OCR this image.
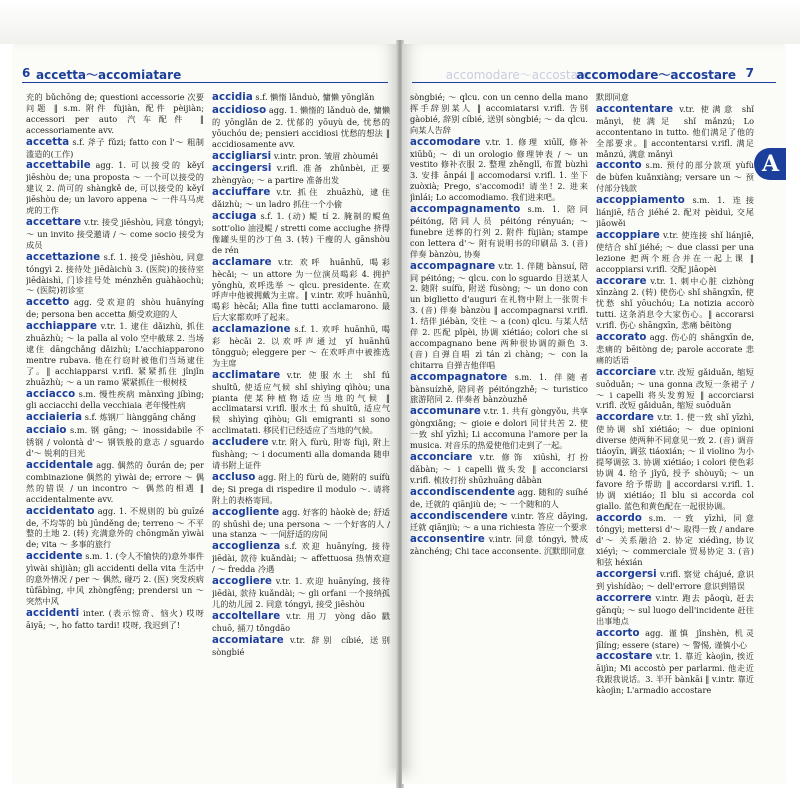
6 accetta～accomiatare
充的 bǔchōng de; questioni accessorie 次要问题 ‖ s.m. 附件 fùjiàn, 配件 pèijiàn; accessori per auto 汽车配件 ‖ accessoriamente avv.
accetta s.f. 斧子 fǔzi; fatto con l'～ 粗制滥造的(工作)
accettabile agg. 1. 可以接受的 kěyǐ jiēshòu de; una proposta ～ 一个可以接受的建议 2. 尚可的 shàngkě de, 可以接受的 kěyǐ jiēshòu de; un lavoro appena ～ 一件马马虎虎的工作
accettare v.tr. 接受 jiēshòu, 同意 tóngyì; ～ un invito 接受邀请 / ～ come socio 接受为成员
accettazione s.f. 1. 接受 jiēshòu, 同意 tóngyì 2. 接待处 jiēdàichù 3. (医院)的接待室 jiēdàishì, 门诊挂号处 ménzhěn guàhàochù; ～ (医院)初诊室
accetto agg. 受欢迎的 shòu huānyíng de; persona ben accetta 颇受欢迎的人
acchiappare v.tr. 1. 逮住 dǎizhù, 抓住 zhuāzhù; ～ la palla al volo 空中截球 2. 当场逮住 dāngchǎng dǎizhù; L'acchiapparono mentre rubava. 他在行窃时被他们当场逮住了。‖ acchiapparsi v.rifl. 紧紧抓住 jǐnjǐn zhuāzhù; ～ a un ramo 紧紧抓住一根树枝
acciacco s.m. 慢性疾病 mànxìng jíbìng; gli acciacchi della vecchiaia 老年慢性病
acciaieria s.f. 炼钢厂 liànggāng chǎng
acciaio s.m. 钢 gāng; ～ inossidabile 不锈钢 / volontà d'～ 钢铁般的意志 / sguardo d'～ 锐利的目光
accidentale agg. 偶然的 ǒurán de; per combinazione 偶然的 yìwài de; errore ～ 偶然的错误 / un incontro ～ 偶然的相遇 ‖ accidentalmente avv.
accidentato agg. 1. 不规则的 bù guīzé de, 不均等的 bù jūnděng de; terreno ～ 不平整的土地 2. (转) 充满意外的 chōngmǎn yìwài de; vita ～ 多事的旅行
accidente s.m. 1. (令人不愉快的)意外事件 yìwài shìjiàn; gli accidenti della vita 生活中的意外情况 / per ～ 偶然, 碰巧 2. (医) 突发疾病 tūfābìng, 中风 zhòngfēng; prendersi un ～ 突然中风
accidenti inter. (表示惊奇、恼火) 哎呀 āiyā; ～, ho fatto tardi! 哎呀, 我迟到了!
accidia s.f. 懒惰 lǎnduò, 慵懒 yōnglǎn
accidioso agg. 1. 懒惰的 lǎnduò de, 慵懒的 yōnglǎn de 2. 忧郁的 yōuyù de, 忧愁的 yōuchóu de; pensieri accidiosi 忧愁的想法 ‖ accidiosamente avv.
accigliarsi v.intr. pron. 皱眉 zhòuméi
accingersi v.rifl. 准备 zhǔnbèi, 正要 zhèngyào; ～ a partire 准备出发
acciuffare v.tr. 抓住 zhuāzhù, 逮住 dǎizhù; ～ un ladro 抓住一个小偷
acciuga s.f. 1. (动) 鳀 tí 2. 腌制的鳀鱼 sott'olio 油浸鳀 / stretti come acciughe 挤得像罐头里的沙丁鱼 3. (转) 干瘦的人 gānshòu de rén
acclamare v.tr. 欢呼 huānhū, 喝彩 hècǎi; ～ un attore 为一位演员喝彩 4. 拥护 yōnghù, 欢呼选举 ～ qlcu. presidente. 在欢呼声中他被拥戴为主席。‖ v.intr. 欢呼 huānhū, 喝彩 hècǎi; Alla fine tutti acclamarono. 最后大家都欢呼了起来。
acclamazione s.f. 1. 欢呼 huānhū, 喝彩 hècǎi 2. 以欢呼声通过 yǐ huānhū tōngguò; eleggere per ～ 在欢呼声中被推选为主席
acclimatare v.tr. 使服水土 shǐ fú shuǐtǔ, 使适应气候 shǐ shìyìng qìhòu; una pianta 使某种植物适应当地的气候 ‖ acclimatarsi v.rifl. 服水土 fú shuǐtǔ, 适应气候 shìyìng qìhòu; Gli emigranti si sono acclimatati. 移民们已经适应了当地的气候。
accludere v.tr. 附入 fùrù, 附寄 fùjì, 附上 fùshàng; ～ i documenti alla domanda 随申请书附上证件
accluso agg. 附上的 fùrù de, 随附的 suífù de; Si prega di rispedire il modulo ～. 请将附上的表格寄回。
accogliente agg. 好客的 hàokè de; 舒适的 shūshì de; una persona ～ 一个好客的人 / una stanza ～ 一间舒适的房间
accoglienza s.f. 欢迎 huānyíng, 接待 jiēdài, 款待 kuǎndài; ～ affettuosa 热情欢迎 / ～ fredda 冷遇
accogliere v.tr. 1. 欢迎 huānyíng, 接待 jiēdài, 款待 kuǎndài; ～ gli orfani 一个接纳孤儿的幼儿园 2. 同意 tóngyì, 接受 jiēshòu
accoltellare v.tr. 用刀 yòng dāo 戳 chuō, 捅刀 tǒngdāo
accomiatare v.tr. 辞别 cíbié, 送别 sòngbié
accomodare～accostare
accomodare～accostare 7
sòngbié; ～ qlcu. con un cenno della mano 挥手辞别某人 ‖ accomiatarsi v.rifl. 告别 gàobié, 辞别 cíbié, 送别 sòngbié; ～ da qlcu. 向某人告辞
accomodare v.tr. 1. 修理 xiūlǐ, 修补 xiūbǔ; ～ di un orologio 修理钟表 / ～ un vestito 修补衣服 2. 整理 zhěnglǐ, 布置 bùzhì 3. 安排 ānpái ‖ accomodarsi v.rifl. 1. 坐下 zuòxià; Prego, s'accomodi! 请坐! 2. 进来 jìnlái; Lo accomodiamo. 我们进来吧。
accompagnamento s.m. 1. 陪同 péitóng, 陪同人员 péitóng rényuán; ～ funebre 送葬的行列 2. 附件 fùjiàn; stampe con lettera d'～ 附有说明书的印刷品 3. (音) 伴奏 bànzòu, 协奏
accompagnare v.tr. 1. 伴随 bànsuí, 陪同 péitóng; ～ qlcu. con lo sguardo 目送某人 2. 随附 suífù, 附送 fùsòng; ～ un dono con un biglietto d'auguri 在礼物中附上一张贺卡 3. (音) 伴奏 bànzòu ‖ accompagnarsi v.rifl. 1. 结伴 jiébàn, 交往 ～ a (con) qlcu. 与某人结伴 2. 匹配 pǐpèi, 协调 xiétiáo; colori che si accompagnano bene 两种很协调的颜色 3. (音) 自弹自唱 zì tán zì chàng; ～ con la chitarra 自弹吉他伴唱
accompagnatore s.m. 1. 伴随者 bànsuízhě, 陪同者 péitóngzhě; ～ turistico 旅游陪同 2. 伴奏者 bànzòuzhě
accomunare v.tr. 1. 共有 gòngyǒu, 共享 gòngxiǎng; ～ gioie e dolori 同甘共苦 2. 使一致 shǐ yīzhì; Li accomuna l'amore per la musica. 对音乐的热爱使他们走到了一起。
acconciare v.tr. 修饰 xiūshì, 打扮 dǎbàn; ～ i capelli 做头发 ‖ acconciarsi v.rifl. 梳妆打扮 shūzhuāng dǎbàn
accondiscendente agg. 随和的 suíhé de, 迁就的 qiānjiù de; ～ 一个随和的人
accondiscendere v.intr. 答应 dāying, 迁就 qiānjiù; ～ a una richiesta 答应一个要求
acconsentire v.intr. 同意 tóngyì, 赞成 zànchéng; Chi tace acconsente. 沉默即同意
默即同意
accontentare v.tr. 使满意 shǐ mǎnyì, 使满足 shǐ mǎnzú; Lo accontentano in tutto. 他们满足了他的全部要求。‖ accontentarsi v.rifl. 满足 mǎnzú, 满意 mǎnyì
acconto s.m. 预付的部分款项 yùfù de bùfen kuǎnxiàng; versare un ～ 预付部分钱款
accoppiamento s.m. 1. 连接 liánjiē, 结合 jiéhé 2. 配对 pèiduì, 交尾 jiāowěi
accoppiare v.tr. 使连接 shǐ liánjiē, 使结合 shǐ jiéhé; ～ due classi per una lezione 把两个班合并在一起上课 ‖ accoppiarsi v.rifl. 交配 jiāopèi
accorare v.tr. 1. 刺中心脏 cìzhòng xīnzàng 2. (转) 使伤心 shǐ shāngxīn, 使忧愁 shǐ yōuchóu; La notizia accorò tutti. 这条消息令大家伤心。‖ accorarsi v.rifl. 伤心 shāngxīn, 悲痛 bēitòng
accorato agg. 伤心的 shāngxīn de, 悲痛的 bēitòng de; parole accorate 悲痛的话语
accorciare v.tr. 改短 gǎiduǎn, 缩短 suōduǎn; ～ una gonna 改短一条裙子 / ～ i capelli 将头发剪短 ‖ accorciarsi v.rifl. 改短 gǎiduǎn, 缩短 suōduǎn
accordare v.tr. 1. 使一致 shǐ yīzhì, 使协调 shǐ xiétiáo; ～ due opinioni diverse 使两种不同意见一致 2. (音) 调音 tiáoyīn, 调弦 tiáoxián; ～ il violino 为小提琴调弦 3. 协调 xiétiáo; i colori 使色彩协调 4. 给予 jǐyǔ, 授予 shòuyǔ; ～ un favore 给予帮助 ‖ accordarsi v.rifl. 1. 协调 xiétiáo; Il blu si accorda col giallo. 蓝色和黄色配在一起很协调。
accordo s.m. 一致 yīzhì, 同意 tóngyì; mettersi d'～ 取得一致 / andare d'～ 关系融洽 2. 协定 xiédìng, 协议 xiéyì; ～ commerciale 贸易协定 3. (音) 和弦 héxián
accorgersi v.rifl. 察觉 chájué, 意识到 yìshídào; ～ dell'errore 意识到错误
accorrere v.intr. 跑去 pǎoqù, 赶去 gǎnqù; ～ sul luogo dell'incidente 赶往出事地点
accorto agg. 谨慎 jǐnshèn, 机灵 jīlíng; essere (stare) ～ 警惕, 谨慎小心
accostare v.tr. 1. 靠近 kàojìn, 挨近 āijìn; Mi accostò per parlarmi. 他走近我跟我说话。3. 半开 bànkāi ‖ v.intr. 靠近 kàojìn; L'armadio accostare
A
